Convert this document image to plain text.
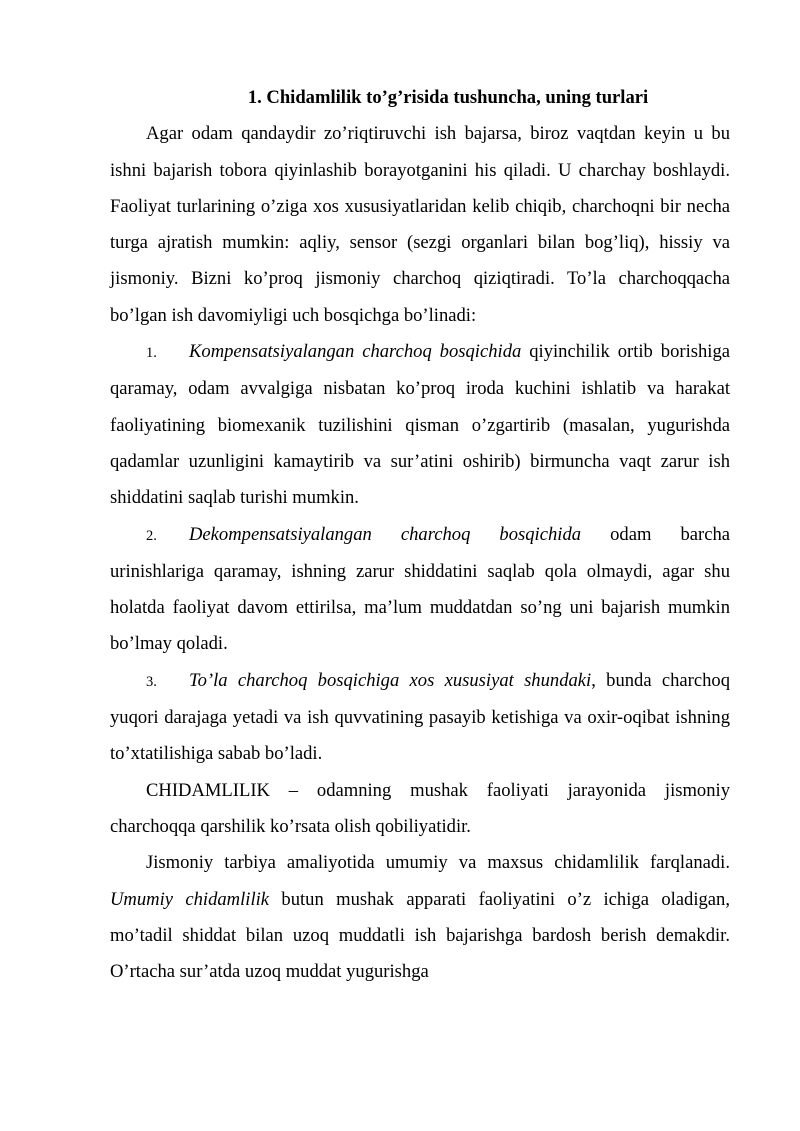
1. Chidamlilik to’g’risida tushuncha, uning turlari

Agar odam qandaydir zo’riqtiruvchi ish bajarsa, biroz vaqtdan keyin u bu ishni bajarish tobora qiyinlashib borayotganini his qiladi. U charchay boshlaydi. Faoliyat turlarining o’ziga xos xususiyatlaridan kelib chiqib, charchoqni bir necha turga ajratish mumkin: aqliy, sensor (sezgi organlari bilan bog’liq), hissiy va jismoniy. Bizni ko’proq jismoniy charchoq qiziqtiradi. To’la charchoqqacha bo’lgan ish davomiyligi uch bosqichga bo’linadi:

1. Kompensatsiyalangan charchoq bosqichida qiyinchilik ortib borishiga qaramay, odam avvalgiga nisbatan ko’proq iroda kuchini ishlatib va harakat faoliyatining biomexanik tuzilishini qisman o’zgartirib (masalan, yugurishda qadamlar uzunligini kamaytirib va sur’atini oshirib) birmuncha vaqt zarur ish shiddatini saqlab turishi mumkin.

2. Dekompensatsiyalangan charchoq bosqichida odam barcha urinishlariga qaramay, ishning zarur shiddatini saqlab qola olmaydi, agar shu holatda faoliyat davom ettirilsa, ma’lum muddatdan so’ng uni bajarish mumkin bo’lmay qoladi.

3. To’la charchoq bosqichiga xos xususiyat shundaki, bunda charchoq yuqori darajaga yetadi va ish quvvatining pasayib ketishiga va oxir-oqibat ishning to’xtatilishiga sabab bo’ladi.

CHIDAMLILIK – odamning mushak faoliyati jarayonida jismoniy charchoqqa qarshilik ko’rsata olish qobiliyatidir.

Jismoniy tarbiya amaliyotida umumiy va maxsus chidamlilik farqlanadi. Umumiy chidamlilik butun mushak apparati faoliyatini o’z ichiga oladigan, mo’tadil shiddat bilan uzoq muddatli ish bajarishga bardosh berish demakdir. O’rtacha sur’atda uzoq muddat yugurishga
